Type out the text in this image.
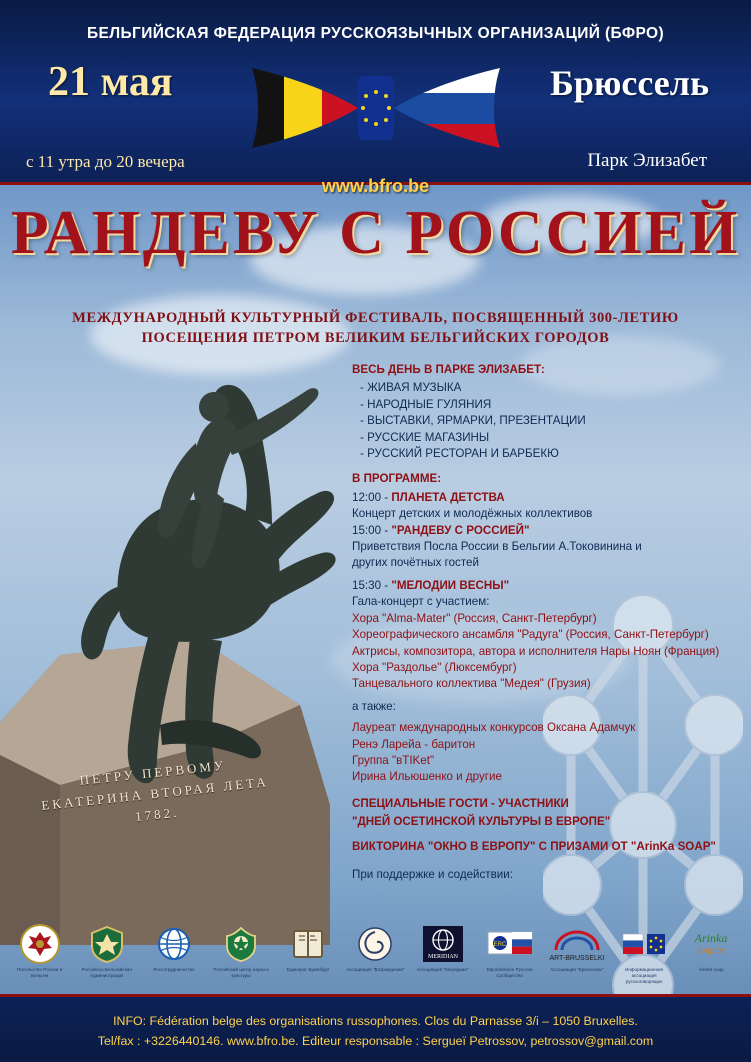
ПЕТРУ ПЕРВОМУ ЕКАТЕРИНА ВТОРАЯ ЛЕТА 1782.
БЕЛЬГИЙСКАЯ ФЕДЕРАЦИЯ РУССКОЯЗЫЧНЫХ ОРГАНИЗАЦИЙ (БФРО)
21 мая	Брюссель
с 11 утра до 20 вечера	Парк Элизабет
www.bfro.be
РАНДЕВУ С РОССИЕЙ
МЕЖДУНАРОДНЫЙ КУЛЬТУРНЫЙ ФЕСТИВАЛЬ, ПОСВЯЩЕННЫЙ 300-ЛЕТИЮ
ПОСЕЩЕНИЯ ПЕТРОМ ВЕЛИКИМ БЕЛЬГИЙСКИХ ГОРОДОВ
ВЕСЬ ДЕНЬ В ПАРКЕ ЭЛИЗАБЕТ:
- ЖИВАЯ МУЗЫКА
- НАРОДНЫЕ ГУЛЯНИЯ
- ВЫСТАВКИ, ЯРМАРКИ, ПРЕЗЕНТАЦИИ
- РУССКИЕ МАГАЗИНЫ
- РУССКИЙ РЕСТОРАН И БАРБЕКЮ
В ПРОГРАММЕ:
12:00 - ПЛАНЕТА ДЕТСТВА
Концерт детских и молодёжных коллективов
15:00 - "РАНДЕВУ С РОССИЕЙ"
Приветствия Посла России в Бельгии А.Токовинина и
других почётных гостей
15:30 - "МЕЛОДИИ ВЕСНЫ"
Гала-концерт с участием:
Хора "Alma-Mater" (Россия, Санкт-Петербург)
Хореографического ансамбля "Радуга" (Россия, Санкт-Петербург)
Актрисы, композитора, автора и исполнителя Нары Ноян (Франция)
Хора "Раздолье" (Люксембург)
Танцевального коллектива "Медея" (Грузия)
а также:
Лауреат международных конкурсов Оксана Адамчук
Ренэ Ларейа - баритон
Группа "вTIKet"
Ирина Ильюшенко и другие
СПЕЦИАЛЬНЫЕ ГОСТИ - УЧАСТНИКИ
"ДНЕЙ ОСЕТИНСКОЙ КУЛЬТУРЫ В ЕВРОПЕ"
ВИКТОРИНА "ОКНО В ЕВРОПУ" С ПРИЗАМИ ОТ "ArinKa SOAP"
При поддержке и содействии:
Посольство России в Бельгии
Российско-Бельгийская Администрация
Россотрудничество	Российский центр науки и культуры
Единорог Букинбург	Ассоциация "Возрождение"
MERIDIAN
Ассоциация "Меридиан"
ERC
Европейское Русское Сообщество
ART-BRUSSELKI
Ассоциация "Брюсселки"	Информационная ассоциация русскоговорящих
Arinka
soap.be
ArinKa soap
INFO: Fédération belge des organisations russophones. Clos du Parnasse 3/i – 1050 Bruxelles.
Tel/fax : +3226440146. www.bfro.be. Editeur responsable : Sergueï Petrossov, petrossov@gmail.com
